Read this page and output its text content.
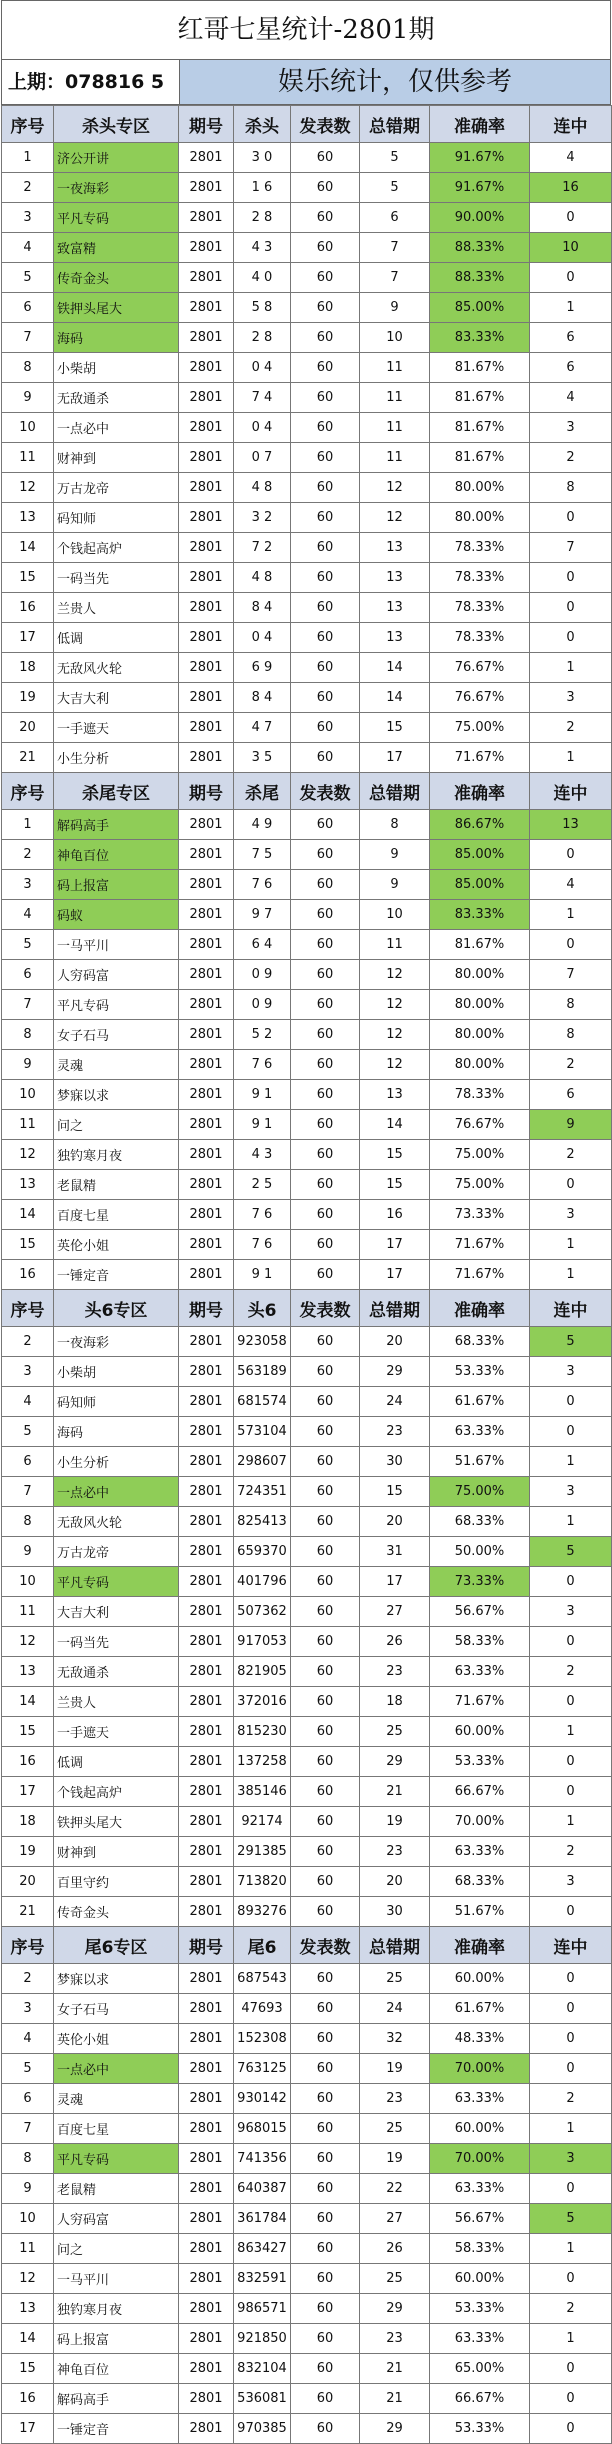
红哥七星统计-2801期
上期：078816 5	娱乐统计，仅供参考
序号	杀头专区	期号	杀头	发表数	总错期	准确率	连中
1	济公开讲	2801	3 0	60	5	91.67%	4
2	一夜海彩	2801	1 6	60	5	91.67%	16
3	平凡专码	2801	2 8	60	6	90.00%	0
4	致富精	2801	4 3	60	7	88.33%	10
5	传奇金头	2801	4 0	60	7	88.33%	0
6	铁押头尾大	2801	5 8	60	9	85.00%	1
7	海码	2801	2 8	60	10	83.33%	6
8	小柴胡	2801	0 4	60	11	81.67%	6
9	无敌通杀	2801	7 4	60	11	81.67%	4
10	一点必中	2801	0 4	60	11	81.67%	3
11	财神到	2801	0 7	60	11	81.67%	2
12	万古龙帝	2801	4 8	60	12	80.00%	8
13	码知师	2801	3 2	60	12	80.00%	0
14	个钱起高炉	2801	7 2	60	13	78.33%	7
15	一码当先	2801	4 8	60	13	78.33%	0
16	兰贵人	2801	8 4	60	13	78.33%	0
17	低调	2801	0 4	60	13	78.33%	0
18	无敌风火轮	2801	6 9	60	14	76.67%	1
19	大吉大利	2801	8 4	60	14	76.67%	3
20	一手遮天	2801	4 7	60	15	75.00%	2
21	小生分析	2801	3 5	60	17	71.67%	1
序号	杀尾专区	期号	杀尾	发表数	总错期	准确率	连中
1	解码高手	2801	4 9	60	8	86.67%	13
2	神龟百位	2801	7 5	60	9	85.00%	0
3	码上报富	2801	7 6	60	9	85.00%	4
4	码蚁	2801	9 7	60	10	83.33%	1
5	一马平川	2801	6 4	60	11	81.67%	0
6	人穷码富	2801	0 9	60	12	80.00%	7
7	平凡专码	2801	0 9	60	12	80.00%	8
8	女子石马	2801	5 2	60	12	80.00%	8
9	灵魂	2801	7 6	60	12	80.00%	2
10	梦寐以求	2801	9 1	60	13	78.33%	6
11	问之	2801	9 1	60	14	76.67%	9
12	独钓寒月夜	2801	4 3	60	15	75.00%	2
13	老鼠精	2801	2 5	60	15	75.00%	0
14	百度七星	2801	7 6	60	16	73.33%	3
15	英伦小姐	2801	7 6	60	17	71.67%	1
16	一锤定音	2801	9 1	60	17	71.67%	1
序号	头6专区	期号	头6	发表数	总错期	准确率	连中
2	一夜海彩	2801	923058	60	20	68.33%	5
3	小柴胡	2801	563189	60	29	53.33%	3
4	码知师	2801	681574	60	24	61.67%	0
5	海码	2801	573104	60	23	63.33%	0
6	小生分析	2801	298607	60	30	51.67%	1
7	一点必中	2801	724351	60	15	75.00%	3
8	无敌风火轮	2801	825413	60	20	68.33%	1
9	万古龙帝	2801	659370	60	31	50.00%	5
10	平凡专码	2801	401796	60	17	73.33%	0
11	大吉大利	2801	507362	60	27	56.67%	3
12	一码当先	2801	917053	60	26	58.33%	0
13	无敌通杀	2801	821905	60	23	63.33%	2
14	兰贵人	2801	372016	60	18	71.67%	0
15	一手遮天	2801	815230	60	25	60.00%	1
16	低调	2801	137258	60	29	53.33%	0
17	个钱起高炉	2801	385146	60	21	66.67%	0
18	铁押头尾大	2801	92174	60	19	70.00%	1
19	财神到	2801	291385	60	23	63.33%	2
20	百里守约	2801	713820	60	20	68.33%	3
21	传奇金头	2801	893276	60	30	51.67%	0
序号	尾6专区	期号	尾6	发表数	总错期	准确率	连中
2	梦寐以求	2801	687543	60	25	60.00%	0
3	女子石马	2801	47693	60	24	61.67%	0
4	英伦小姐	2801	152308	60	32	48.33%	0
5	一点必中	2801	763125	60	19	70.00%	0
6	灵魂	2801	930142	60	23	63.33%	2
7	百度七星	2801	968015	60	25	60.00%	1
8	平凡专码	2801	741356	60	19	70.00%	3
9	老鼠精	2801	640387	60	22	63.33%	0
10	人穷码富	2801	361784	60	27	56.67%	5
11	问之	2801	863427	60	26	58.33%	1
12	一马平川	2801	832591	60	25	60.00%	0
13	独钓寒月夜	2801	986571	60	29	53.33%	2
14	码上报富	2801	921850	60	23	63.33%	1
15	神龟百位	2801	832104	60	21	65.00%	0
16	解码高手	2801	536081	60	21	66.67%	0
17	一锤定音	2801	970385	60	29	53.33%	0
